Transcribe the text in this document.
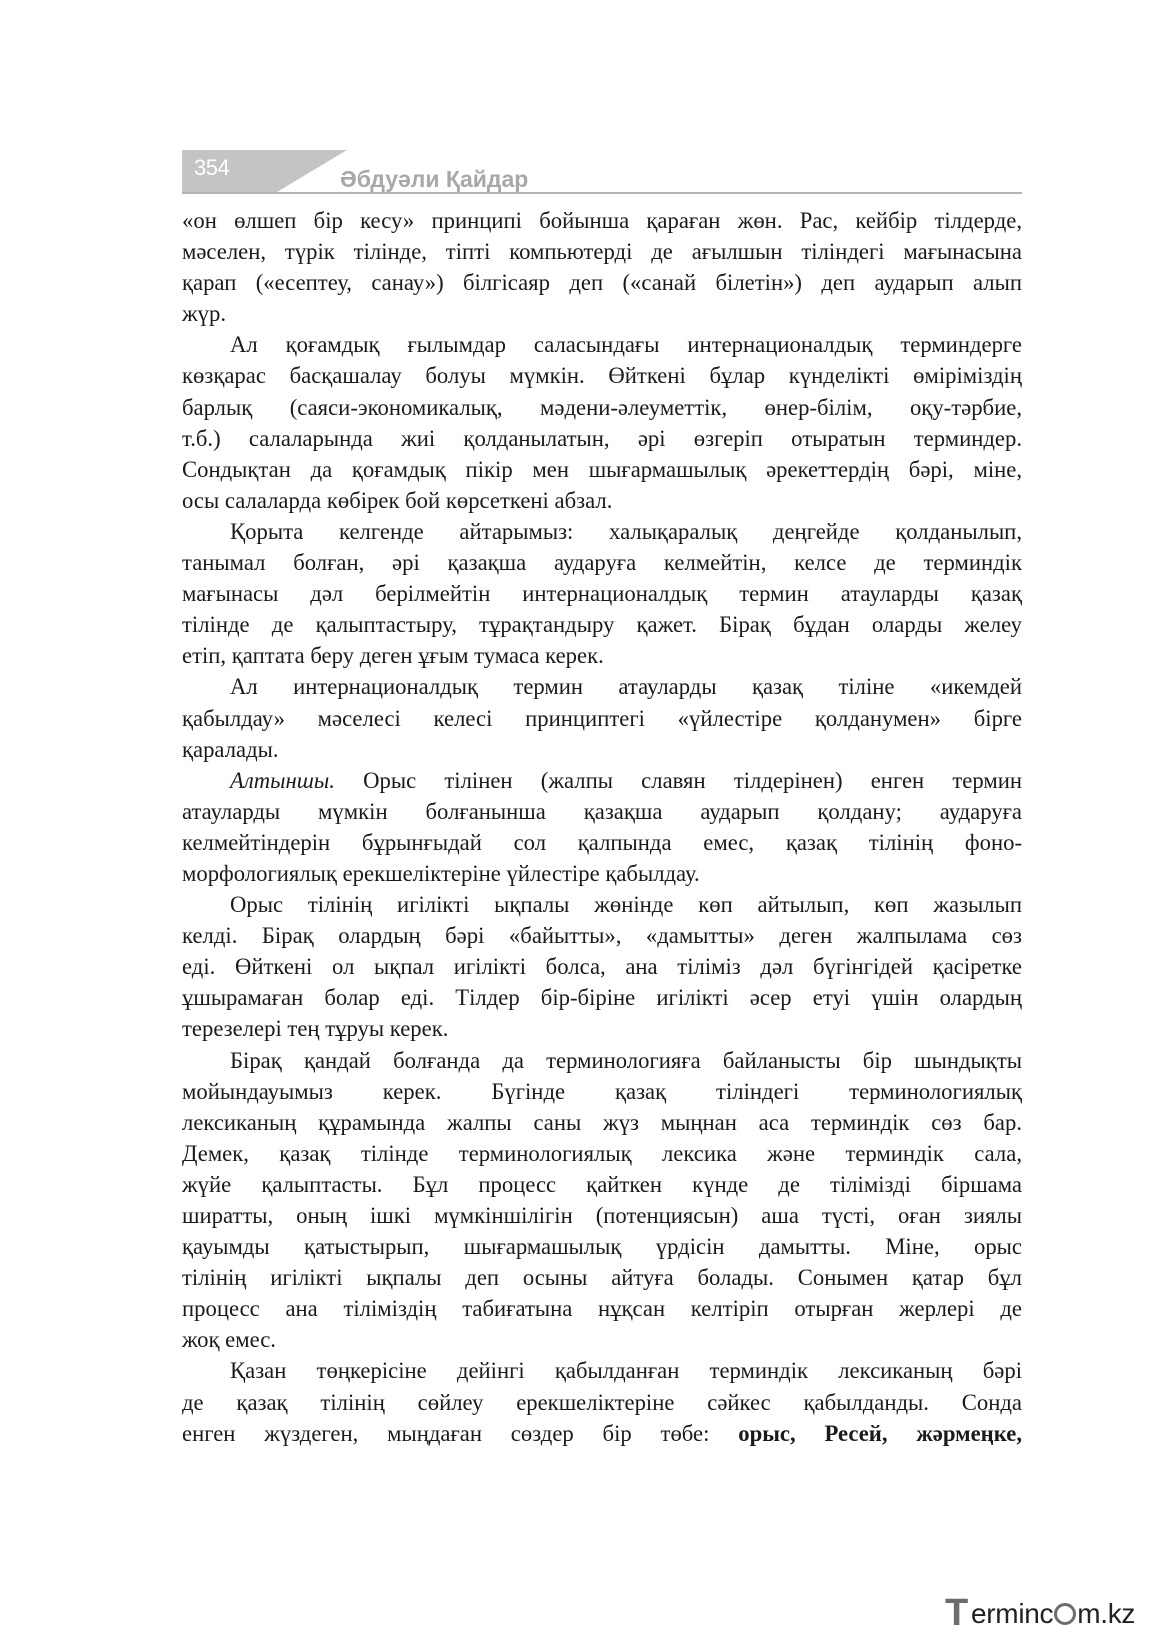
354	Әбдуәли Қайдар

«он өлшеп бір кесу» принципі бойынша қараған жөн. Рас, кейбір тілдерде,

мәселен, түрік тілінде, тіпті компьютерді де ағылшын тіліндегі мағынасына

қарап («есептеу, санау») білгісаяр деп («санай білетін») деп аударып алып

жүр.

Ал қоғамдық ғылымдар саласындағы интернационалдық терминдерге

көзқарас басқашалау болуы мүмкін. Өйткені бұлар күнделікті өміріміздің

барлық (саяси-экономикалық, мәдени-әлеуметтік, өнер-білім, оқу-тәрбие,

т.б.) салаларында жиі қолданылатын, әрі өзгеріп отыратын терминдер.

Сондықтан да қоғамдық пікір мен шығармашылық әрекеттердің бәрі, міне,

осы салаларда көбірек бой көрсеткені абзал.

Қорыта келгенде айтарымыз: халықаралық деңгейде қолданылып,

танымал болған, әрі қазақша аударуға келмейтін, келсе де терминдік

мағынасы дәл берілмейтін интернационалдық термин атауларды қазақ

тілінде де қалыптастыру, тұрақтандыру қажет. Бірақ бұдан оларды желеу

етіп, қаптата беру деген ұғым тумаса керек.

Ал интернационалдық термин атауларды қазақ тіліне «икемдей

қабылдау» мәселесі келесі принциптегі «үйлестіре қолданумен» бірге

қаралады.

Алтыншы. Орыс тілінен (жалпы славян тілдерінен) енген термин

атауларды мүмкін болғанынша қазақша аударып қолдану; аударуға

келмейтіндерін бұрынғыдай сол қалпында емес, қазақ тілінің фоно-

морфологиялық ерекшеліктеріне үйлестіре қабылдау.

Орыс тілінің игілікті ықпалы жөнінде көп айтылып, көп жазылып

келді. Бірақ олардың бәрі «байытты», «дамытты» деген жалпылама сөз

еді. Өйткені ол ықпал игілікті болса, ана тіліміз дәл бүгінгідей қасіретке

ұшырамаған болар еді. Тілдер бір-біріне игілікті әсер етуі үшін олардың

терезелері тең тұруы керек.

Бірақ қандай болғанда да терминологияға байланысты бір шындықты

мойындауымыз керек. Бүгінде қазақ тіліндегі терминологиялық

лексиканың құрамында жалпы саны жүз мыңнан аса терминдік сөз бар.

Демек, қазақ тілінде терминологиялық лексика және терминдік сала,

жүйе қалыптасты. Бұл процесс қайткен күнде де тілімізді біршама

ширатты, оның ішкі мүмкіншілігін (потенциясын) аша түсті, оған зиялы

қауымды қатыстырып, шығармашылық үрдісін дамытты. Міне, орыс

тілінің игілікті ықпалы деп осыны айтуға болады. Сонымен қатар бұл

процесс ана тіліміздің табиғатына нұқсан келтіріп отырған жерлері де

жоқ емес.

Қазан төңкерісіне дейінгі қабылданған терминдік лексиканың бәрі

де қазақ тілінің сөйлеу ерекшеліктеріне сәйкес қабылданды. Сонда

енген жүздеген, мыңдаған сөздер бір төбе: орыс, Ресей, жәрмеңке,

T erminc m.kz
